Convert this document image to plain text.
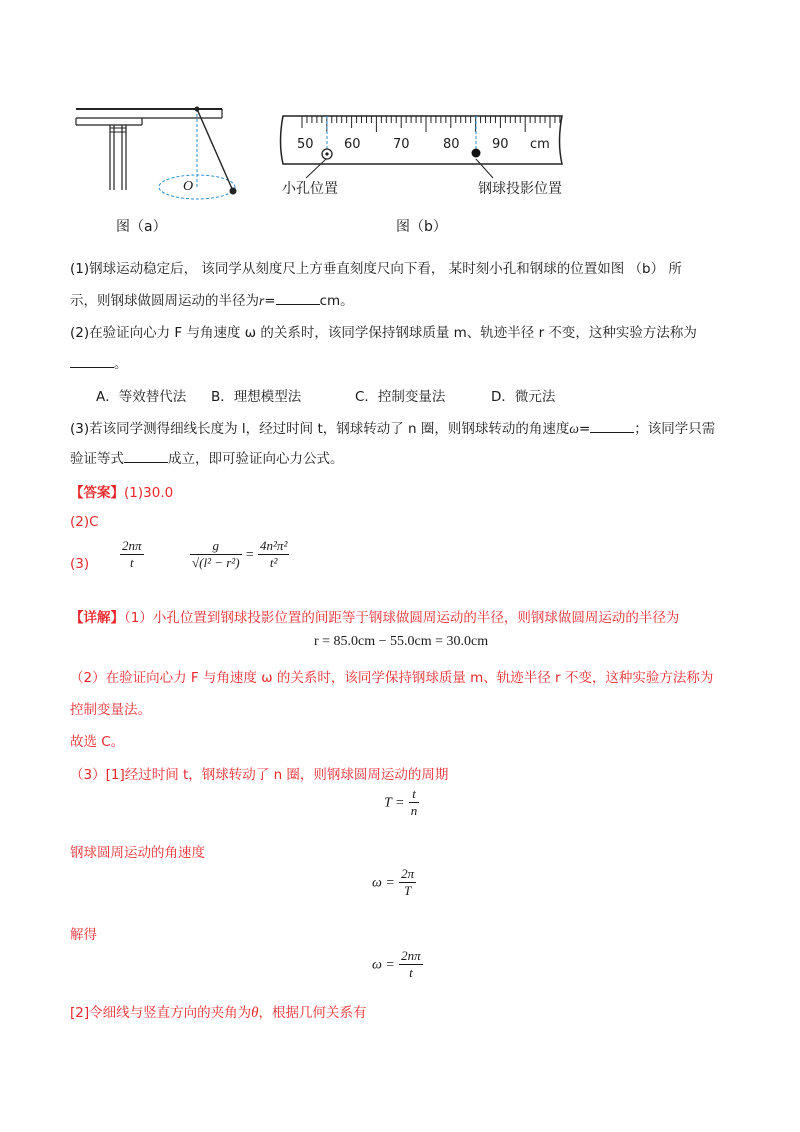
O
图（a）
50 60 70	80 90 cm
小孔位置	钢球投影位置
图（b）
(1)钢球运动稳定后， 该同学从刻度尺上方垂直刻度尺向下看， 某时刻小孔和钢球的位置如图 （b） 所
示，则钢球做圆周运动的半径为r=	cm。
(2)在验证向心力 F 与角速度 ω 的关系时，该同学保持钢球质量 m、轨迹半径 r 不变，这种实验方法称为
。
A．等效替代法 B．理想模型法	C．控制变量法	D．微元法
(3)若该同学测得细线长度为 l，经过时间 t，钢球转动了 n 圈，则钢球转动的角速度ω=	；该同学只需
验证等式	成立，即可验证向心力公式。
【答案】(1)30.0
(2)C
$(3) \frac{2n\pi}{t}$	$\frac{g}{\text{√(l² − r²)}} = \frac{\text{4n²π²}}{\text{t²}}$
【详解】（1）小孔位置到钢球投影位置的间距等于钢球做圆周运动的半径，则钢球做圆周运动的半径为
r = 85.0cm − 55.0cm = 30.0cm
（2）在验证向心力 F 与角速度 ω 的关系时，该同学保持钢球质量 m、轨迹半径 r 不变，这种实验方法称为
控制变量法。
故选 C。
（3）[1]经过时间 t，钢球转动了 n 圈，则钢球圆周运动的周期
$T = \frac{t}{n}$
钢球圆周运动的角速度
$\omega = \frac{2\pi}{T}$
解得
$\omega = \frac{2n\pi}{t}$
[2]令细线与竖直方向的夹角为θ，根据几何关系有
